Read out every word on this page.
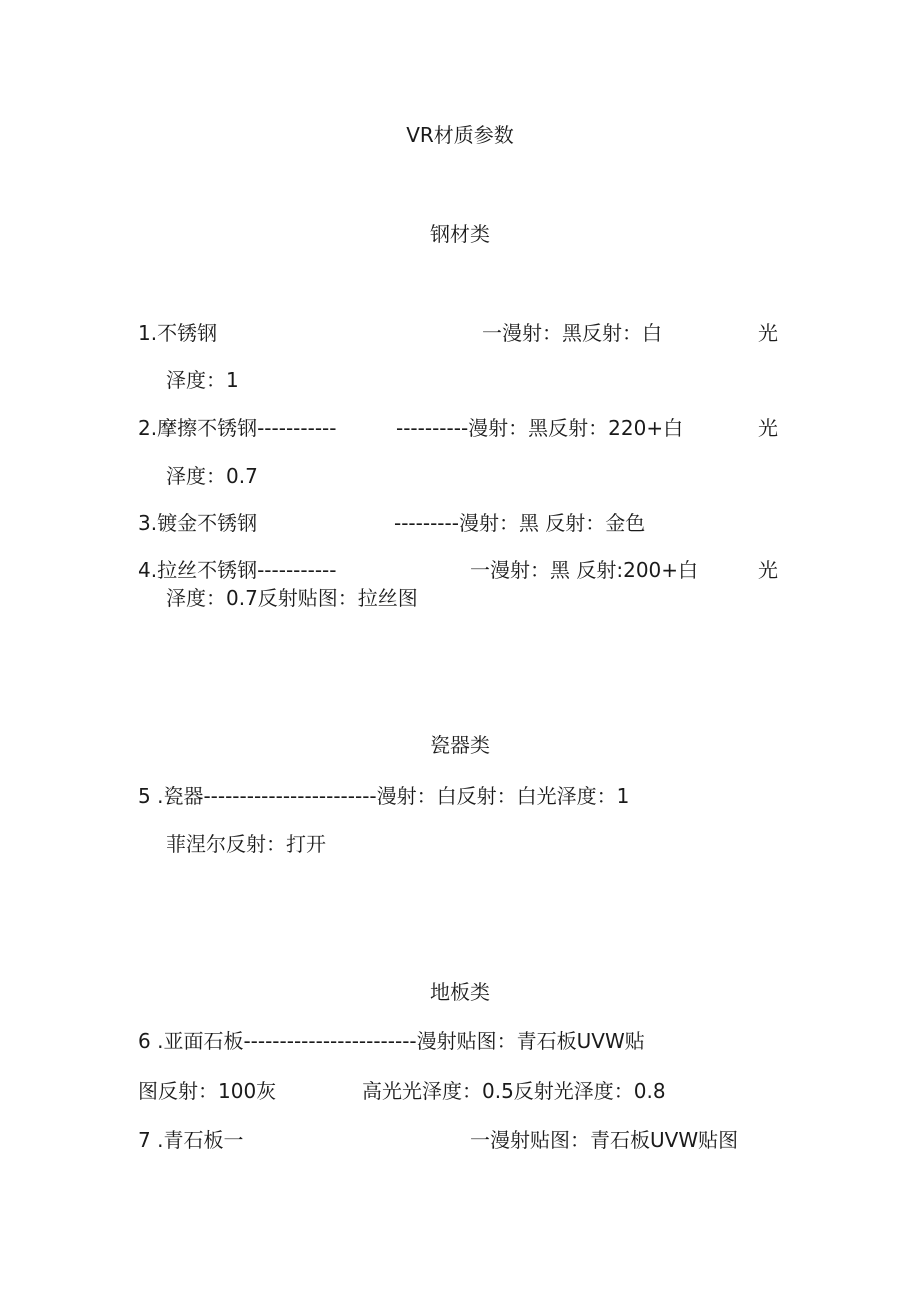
VR材质参数
钢材类
1.不锈钢	一漫射：黑反射：白	光
泽度：1
2.摩擦不锈钢-----------	----------漫射：黑反射：220+白	光
泽度：0.7
3.镀金不锈钢	---------漫射：黑 反射：金色
4.拉丝不锈钢-----------	一漫射：黑 反射:200+白	光
泽度：0.7反射贴图：拉丝图
瓷器类
5 .瓷器------------------------漫射：白反射：白光泽度：1
菲涅尔反射：打开
地板类
6 .亚面石板------------------------漫射贴图：青石板UVW贴
图反射：100灰	高光光泽度：0.5反射光泽度：0.8
7 .青石板一	一漫射贴图：青石板UVW贴图
